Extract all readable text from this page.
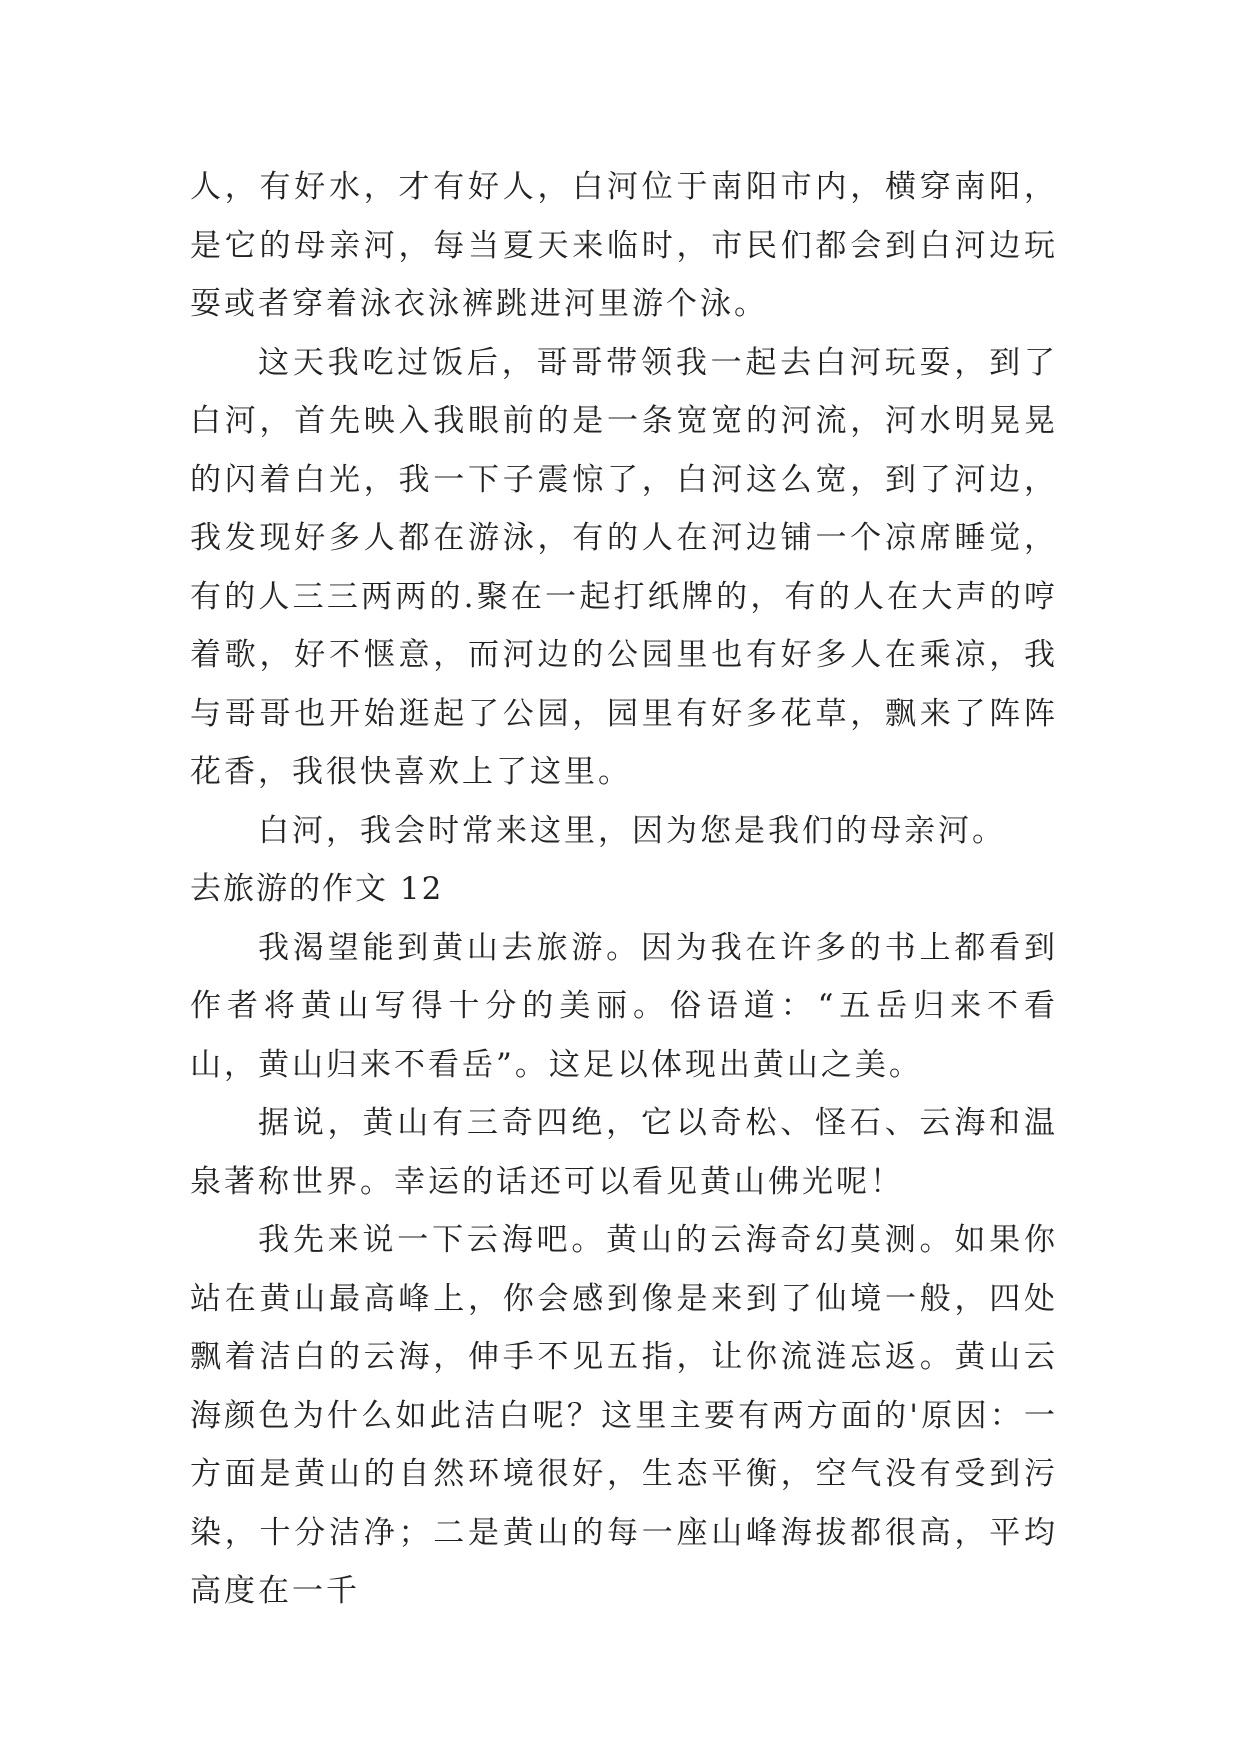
人，有好水，才有好人，白河位于南阳市内，横穿南阳，是它的母亲河，每当夏天来临时，市民们都会到白河边玩耍或者穿着泳衣泳裤跳进河里游个泳。

这天我吃过饭后，哥哥带领我一起去白河玩耍，到了白河，首先映入我眼前的是一条宽宽的河流，河水明晃晃的闪着白光，我一下子震惊了，白河这么宽，到了河边，我发现好多人都在游泳，有的人在河边铺一个凉席睡觉，有的人三三两两的.聚在一起打纸牌的，有的人在大声的哼着歌，好不惬意，而河边的公园里也有好多人在乘凉，我与哥哥也开始逛起了公园，园里有好多花草，飘来了阵阵花香，我很快喜欢上了这里。

白河，我会时常来这里，因为您是我们的母亲河。

去旅游的作文 12

我渴望能到黄山去旅游。因为我在许多的书上都看到作者将黄山写得十分的美丽。俗语道：“五岳归来不看山，黄山归来不看岳”。这足以体现出黄山之美。

据说，黄山有三奇四绝，它以奇松、怪石、云海和温泉著称世界。幸运的话还可以看见黄山佛光呢！

我先来说一下云海吧。黄山的云海奇幻莫测。如果你站在黄山最高峰上，你会感到像是来到了仙境一般，四处飘着洁白的云海，伸手不见五指，让你流涟忘返。黄山云海颜色为什么如此洁白呢？这里主要有两方面的'原因：一方面是黄山的自然环境很好，生态平衡，空气没有受到污染，十分洁净；二是黄山的每一座山峰海拔都很高，平均高度在一千
